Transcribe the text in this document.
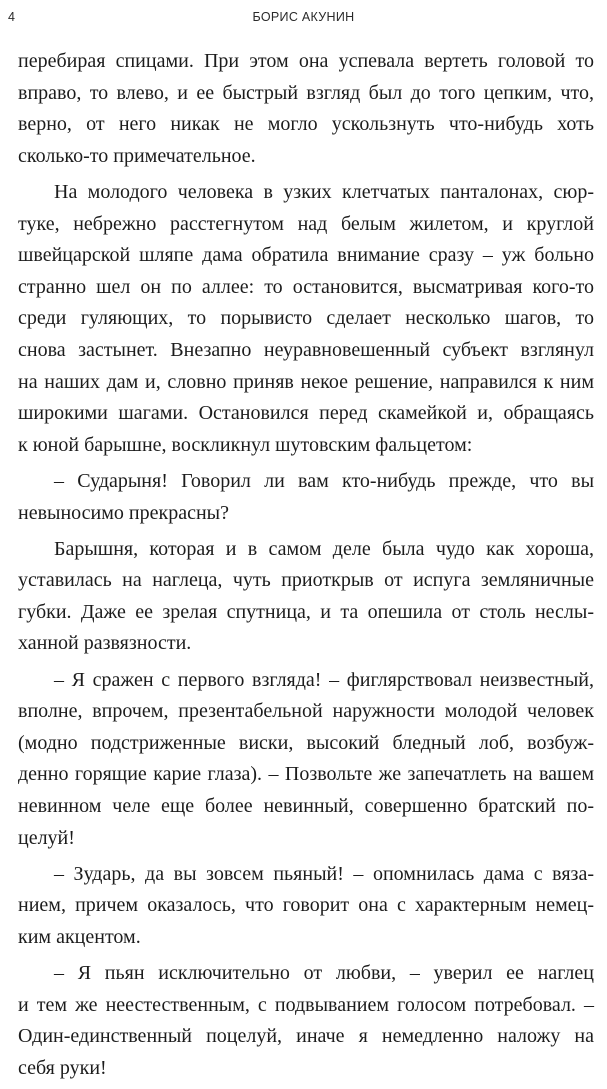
4	БОРИС АКУНИН

перебирая спицами. При этом она успевала вертеть головой то
вправо, то влево, и ее быстрый взгляд был до того цепким, что,
верно, от него никак не могло ускользнуть что-нибудь хоть
сколько-то примечательное.

На молодого человека в узких клетчатых панталонах, сюр-
туке, небрежно расстегнутом над белым жилетом, и круглой
швейцарской шляпе дама обратила внимание сразу – уж больно
странно шел он по аллее: то остановится, высматривая кого-то
среди гуляющих, то порывисто сделает несколько шагов, то
снова застынет. Внезапно неуравновешенный субъект взглянул
на наших дам и, словно приняв некое решение, направился к ним
широкими шагами. Остановился перед скамейкой и, обращаясь
к юной барышне, воскликнул шутовским фальцетом:

– Сударыня! Говорил ли вам кто-нибудь прежде, что вы
невыносимо прекрасны?

Барышня, которая и в самом деле была чудо как хороша,
уставилась на наглеца, чуть приоткрыв от испуга земляничные
губки. Даже ее зрелая спутница, и та опешила от столь неслы-
ханной развязности.

– Я сражен с первого взгляда! – фиглярствовал неизвестный,
вполне, впрочем, презентабельной наружности молодой человек
(модно подстриженные виски, высокий бледный лоб, возбуж-
денно горящие карие глаза). – Позвольте же запечатлеть на вашем
невинном челе еще более невинный, совершенно братский по-
целуй!

– Зударь, да вы зовсем пьяный! – опомнилась дама с вяза-
нием, причем оказалось, что говорит она с характерным немец-
ким акцентом.

– Я пьян исключительно от любви, – уверил ее наглец
и тем же неестественным, с подвыванием голосом потребовал. –
Один-единственный поцелуй, иначе я немедленно наложу на
себя руки!
